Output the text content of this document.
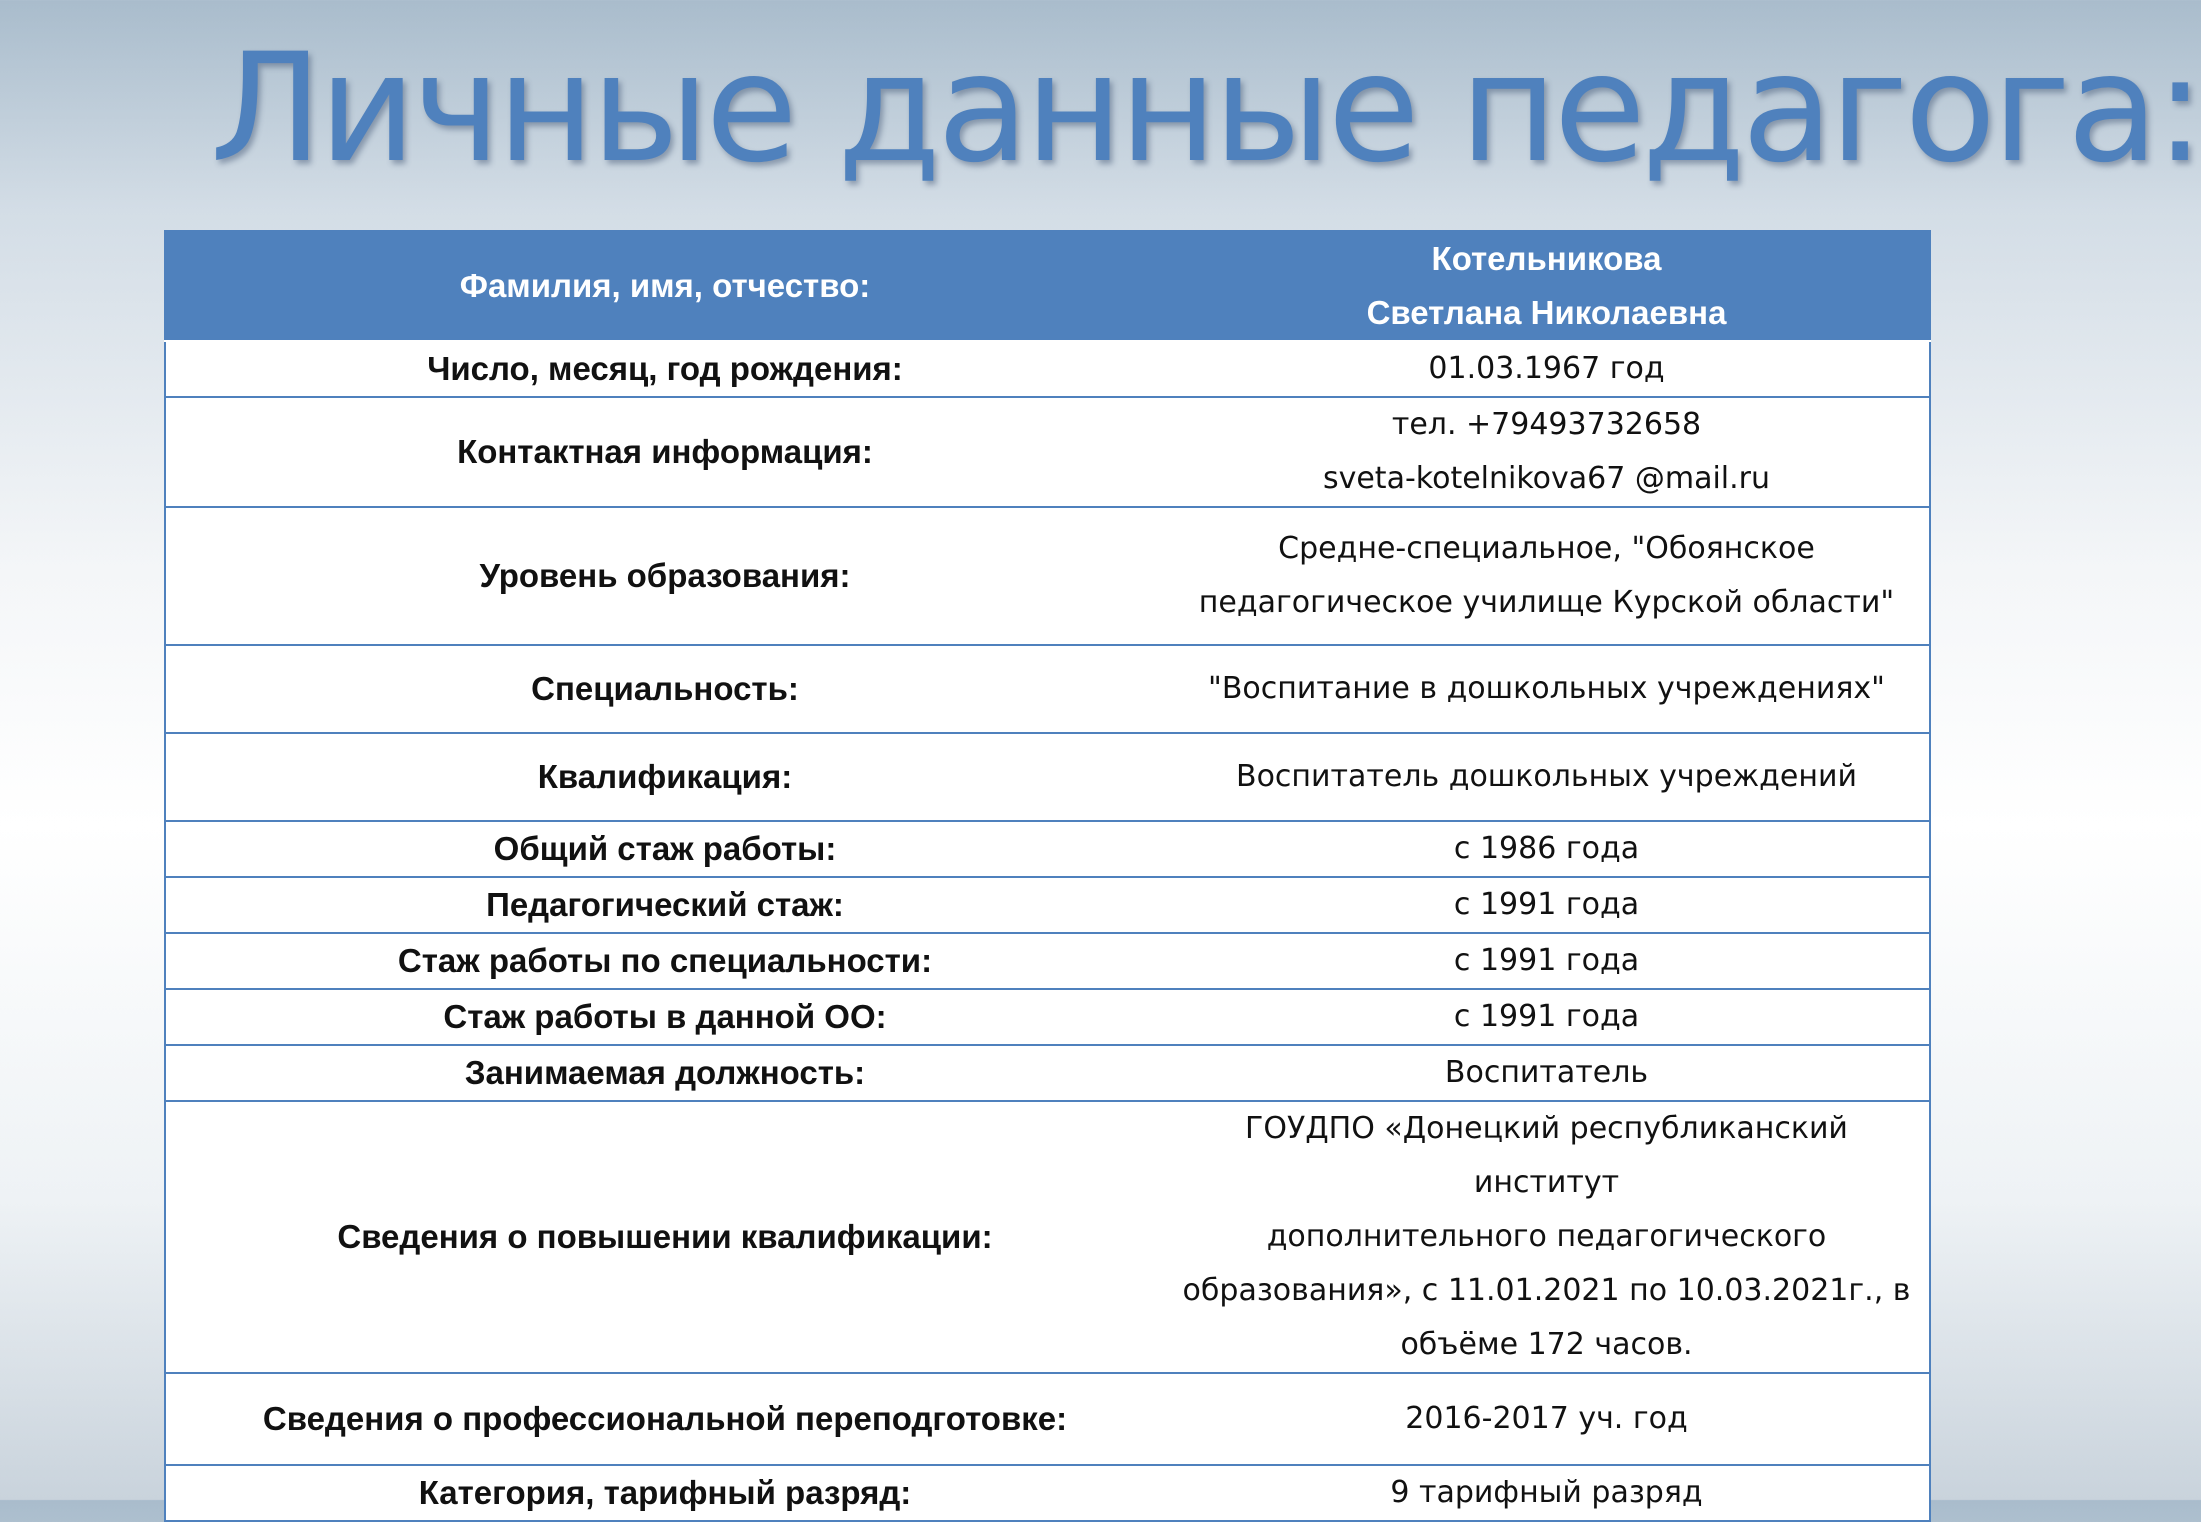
Личные данные педагога:
Фамилия, имя, отчество:	Котельникова
Светлана Николаевна

Число, месяц, год рождения:	01.03.1967 год

Контактная информация:	тел. +79493732658
sveta-kotelnikova67 @mail.ru

Уровень образования:	Средне-специальное, "Обоянское
педагогическое училище Курской области"

Специальность:	"Воспитание в дошкольных учреждениях"

Квалификация:	Воспитатель дошкольных учреждений

Общий стаж работы:	с 1986 года

Педагогический стаж:	с 1991 года

Стаж работы по специальности:	с 1991 года

Стаж работы в данной ОО:	с 1991 года

Занимаемая должность:	Воспитатель

Сведения о повышении квалификации:	ГОУДПО «Донецкий республиканский институт
дополнительного педагогического
образования», с 11.01.2021 по 10.03.2021г., в
объёме 172 часов.

Сведения о профессиональной переподготовке:	2016-2017 уч. год

Категория, тарифный разряд:	9 тарифный разряд
